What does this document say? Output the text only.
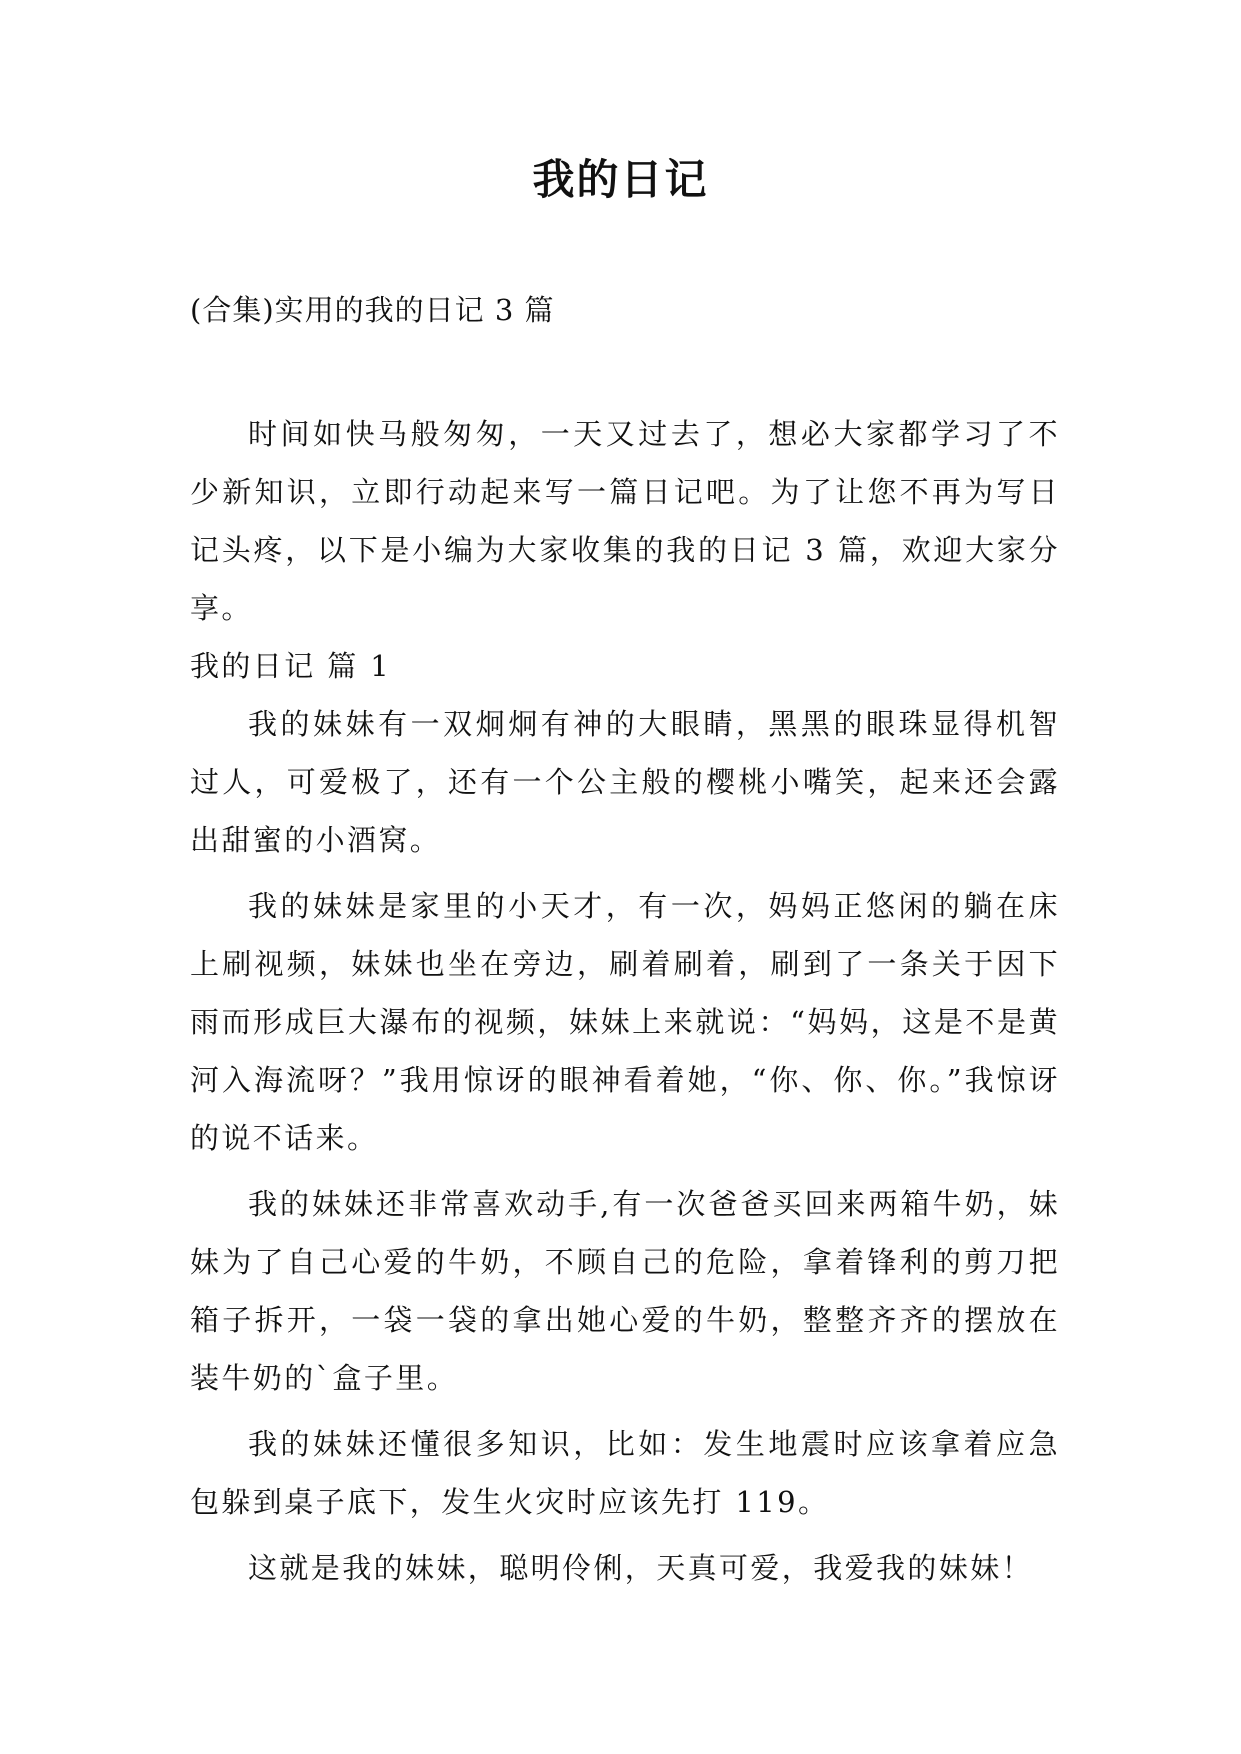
我的日记
(合集)实用的我的日记 3 篇

时间如快马般匆匆，一天又过去了，想必大家都学习了不少新知识，立即行动起来写一篇日记吧。为了让您不再为写日记头疼，以下是小编为大家收集的我的日记 3 篇，欢迎大家分享。

我的日记 篇 1

我的妹妹有一双炯炯有神的大眼睛，黑黑的眼珠显得机智过人，可爱极了，还有一个公主般的樱桃小嘴笑，起来还会露出甜蜜的小酒窝。

我的妹妹是家里的小天才，有一次，妈妈正悠闲的躺在床上刷视频，妹妹也坐在旁边，刷着刷着，刷到了一条关于因下雨而形成巨大瀑布的视频，妹妹上来就说：“妈妈，这是不是黄河入海流呀？”我用惊讶的眼神看着她，“你、你、你。”我惊讶的说不话来。

我的妹妹还非常喜欢动手,有一次爸爸买回来两箱牛奶，妹妹为了自己心爱的牛奶，不顾自己的危险，拿着锋利的剪刀把箱子拆开，一袋一袋的拿出她心爱的牛奶，整整齐齐的摆放在装牛奶的`盒子里。

我的妹妹还懂很多知识，比如：发生地震时应该拿着应急包躲到桌子底下，发生火灾时应该先打 119。

这就是我的妹妹，聪明伶俐，天真可爱，我爱我的妹妹！
